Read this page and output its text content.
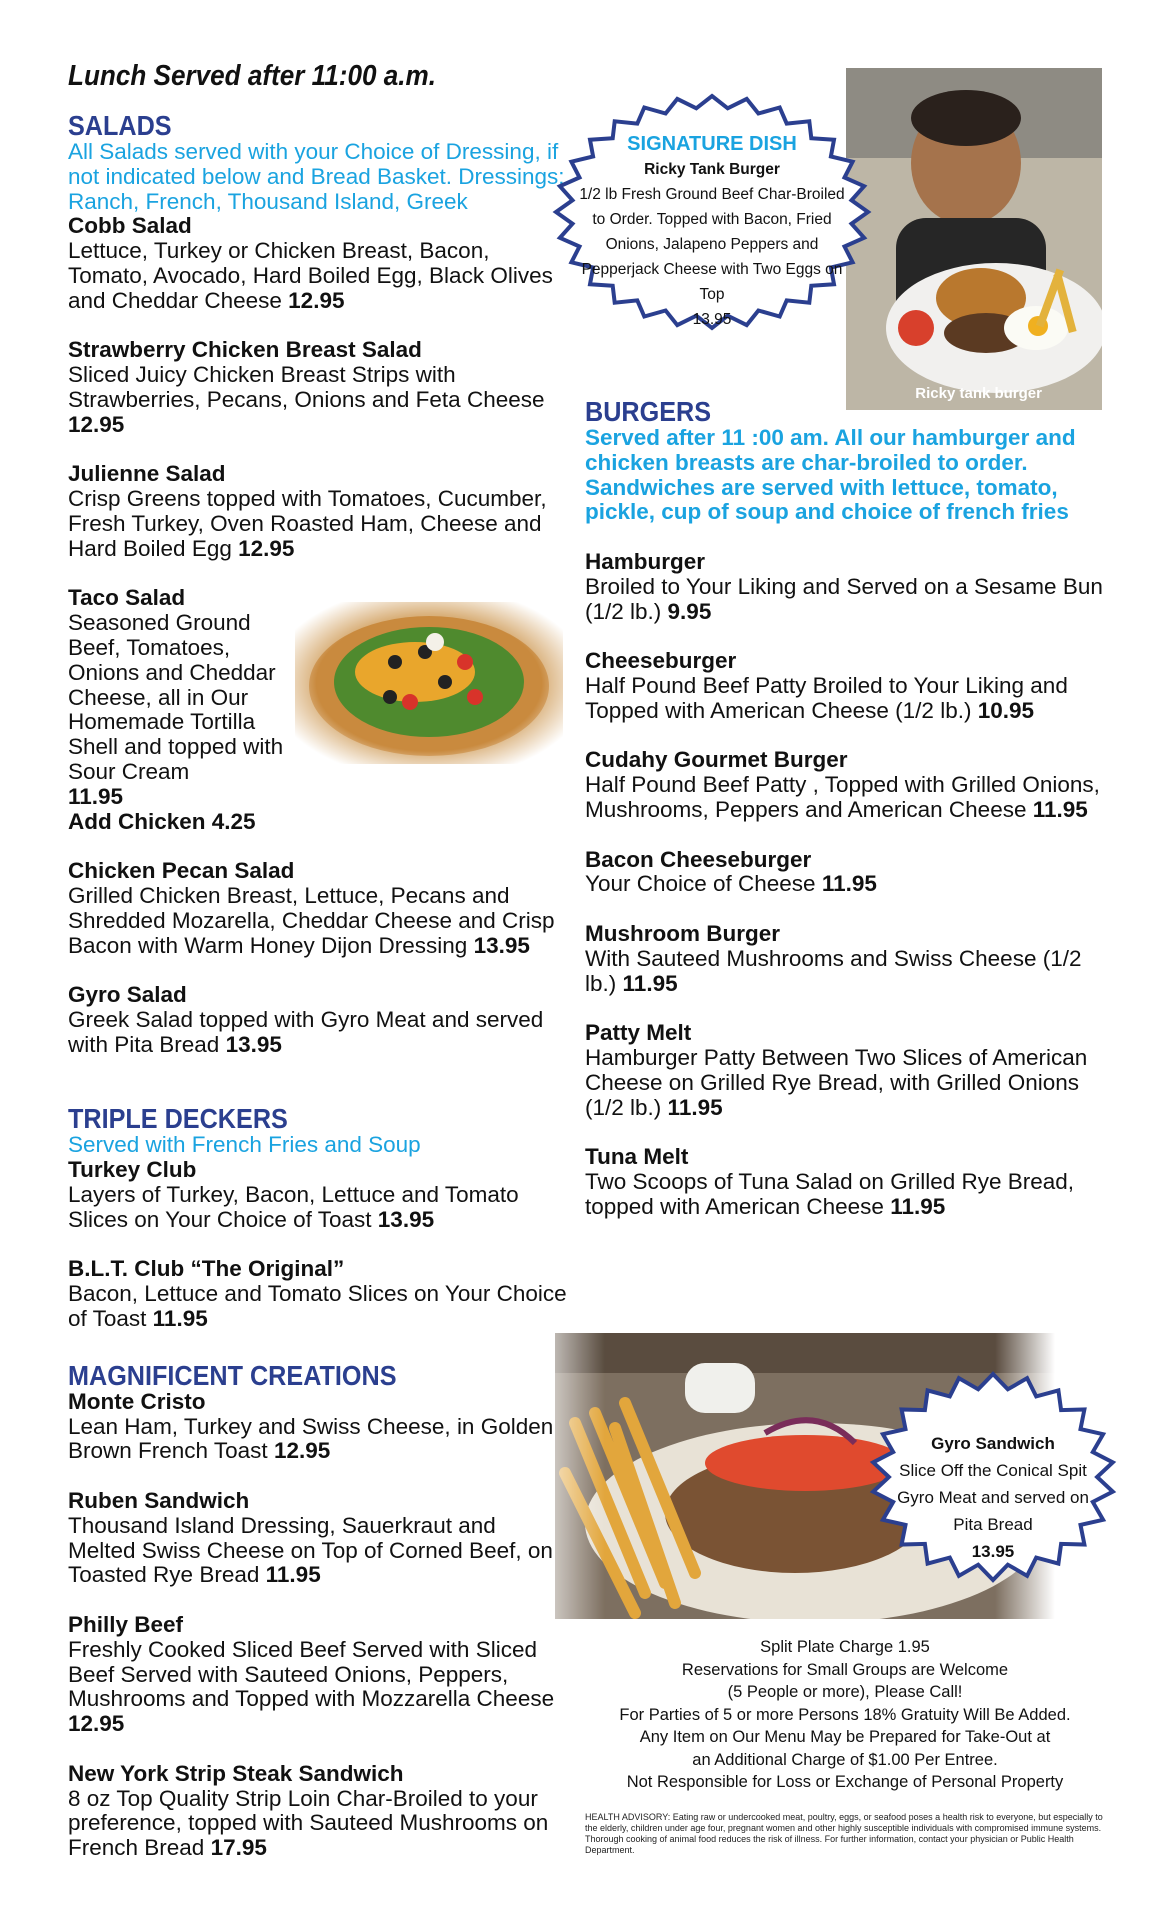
Lunch Served after 11:00 a.m.
SALADS
All Salads served with your Choice of Dressing, if not indicated below and Bread Basket. Dressings: Ranch, French, Thousand Island, Greek
Cobb Salad
Lettuce, Turkey or Chicken Breast, Bacon, Tomato, Avocado, Hard Boiled Egg, Black Olives and Cheddar Cheese 12.95
Strawberry Chicken Breast Salad
Sliced Juicy Chicken Breast Strips with Strawberries, Pecans, Onions and Feta Cheese 12.95
Julienne Salad
Crisp Greens topped with Tomatoes, Cucumber, Fresh Turkey, Oven Roasted Ham, Cheese and Hard Boiled Egg 12.95
Taco Salad
Seasoned Ground Beef, Tomatoes, Onions and Cheddar Cheese, all in Our Homemade Tortilla Shell and topped with Sour Cream
11.95
Add Chicken 4.25
Chicken Pecan Salad
Grilled Chicken Breast, Lettuce, Pecans and Shredded Mozarella, Cheddar Cheese and Crisp Bacon with Warm Honey Dijon Dressing 13.95
Gyro Salad
Greek Salad topped with Gyro Meat and served with Pita Bread 13.95
TRIPLE DECKERS
Served with French Fries and Soup
Turkey Club
Layers of Turkey, Bacon, Lettuce and Tomato Slices on Your Choice of Toast 13.95
B.L.T. Club “The Original”
Bacon, Lettuce and Tomato Slices on Your Choice of Toast 11.95
MAGNIFICENT CREATIONS
Monte Cristo
Lean Ham, Turkey and Swiss Cheese, in Golden Brown French Toast 12.95
Ruben Sandwich
Thousand Island Dressing, Sauerkraut and Melted Swiss Cheese on Top of Corned Beef, on Toasted Rye Bread 11.95
Philly Beef
Freshly Cooked Sliced Beef Served with Sliced Beef Served with Sauteed Onions, Peppers, Mushrooms and Topped with Mozzarella Cheese 12.95
New York Strip Steak Sandwich
8 oz Top Quality Strip Loin Char-Broiled to your preference, topped with Sauteed Mushrooms on French Bread 17.95
Ricky tank burger
SIGNATURE DISH
Ricky Tank Burger
1/2 lb Fresh Ground Beef Char-Broiled to Order. Topped with Bacon, Fried Onions, Jalapeno Peppers and Pepperjack Cheese with Two Eggs on Top
13.95
BURGERS
Served after 11 :00 am. All our hamburger and chicken breasts are char-broiled to order. Sandwiches are served with lettuce, tomato, pickle, cup of soup and choice of french fries
Hamburger
Broiled to Your Liking and Served on a Sesame Bun (1/2 lb.) 9.95
Cheeseburger
Half Pound Beef Patty Broiled to Your Liking and Topped with American Cheese (1/2 lb.) 10.95
Cudahy Gourmet Burger
Half Pound Beef Patty , Topped with Grilled Onions, Mushrooms, Peppers and American Cheese 11.95
Bacon Cheeseburger
Your Choice of Cheese 11.95
Mushroom Burger
With Sauteed Mushrooms and Swiss Cheese (1/2 lb.) 11.95
Patty Melt
Hamburger Patty Between Two Slices of American Cheese on Grilled Rye Bread, with Grilled Onions (1/2 lb.) 11.95
Tuna Melt
Two Scoops of Tuna Salad on Grilled Rye Bread, topped with American Cheese 11.95
Gyro Sandwich
Slice Off the Conical Spit Gyro Meat and served on Pita Bread
13.95
Split Plate Charge 1.95
Reservations for Small Groups are Welcome
(5 People or more), Please Call!
For Parties of 5 or more Persons 18% Gratuity Will Be Added.
Any Item on Our Menu May be Prepared for Take-Out at
an Additional Charge of $1.00 Per Entree.
Not Responsible for Loss or Exchange of Personal Property
HEALTH ADVISORY: Eating raw or undercooked meat, poultry, eggs, or seafood poses a health risk to everyone, but especially to the elderly, children under age four, pregnant women and other highly susceptible individuals with compromised immune systems. Thorough cooking of animal food reduces the risk of illness. For further information, contact your physician or Public Health Department.
